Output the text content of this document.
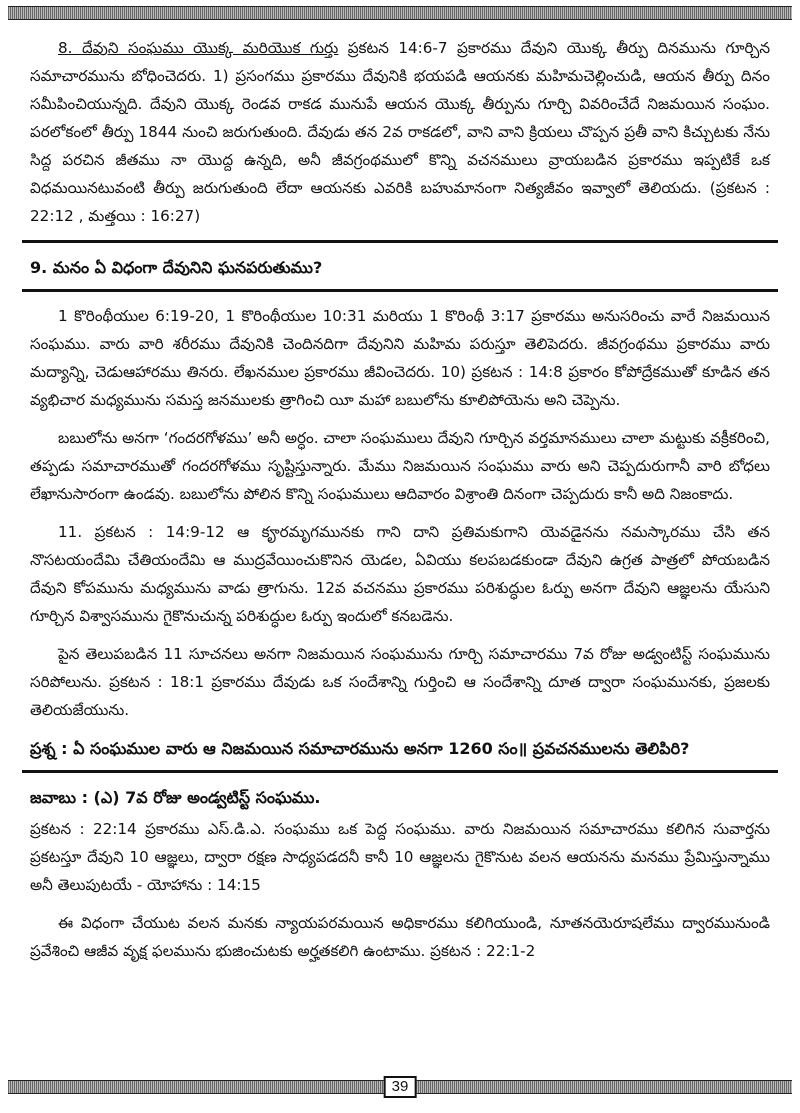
8. దేవుని సంఘము యొక్క మరియొక గుర్తు ప్రకటన 14:6-7 ప్రకారము దేవుని యొక్క తీర్పు దినమును గూర్చిన సమాచారమును బోధించెదరు. 1) ప్రసంగము ప్రకారము దేవునికి భయపడి ఆయనకు మహిమచెల్లించుడి, ఆయన తీర్పు దినం సమీపించియున్నది. దేవుని యొక్క రెండవ రాకడ మునుపే ఆయన యొక్క తీర్పును గూర్చి వివరించేదే నిజమయిన సంఘం. పరలోకంలో తీర్పు 1844 నుంచి జరుగుతుంది. దేవుడు తన 2వ రాకడలో, వాని వాని క్రియలు చొప్పన ప్రతీ వాని కిచ్చుటకు నేను సిద్ద పరచిన జీతము నా యొద్ద ఉన్నది, అనీ జీవగ్రంథములో కొన్ని వచనములు వ్రాయబడిన ప్రకారము ఇప్పటికే ఒక విధమయినటువంటి తీర్పు జరుగుతుంది లేదా ఆయనకు ఎవరికి బహుమానంగా నిత్యజీవం ఇవ్వాలో తెలియదు. (ప్రకటన : 22:12 , మత్తయి : 16:27)

9. మనం ఏ విధంగా దేవునిని ఘనపరుతుము?

1 కొరింథీయుల 6:19-20, 1 కొరింథీయుల 10:31 మరియు 1 కొరింథీ 3:17 ప్రకారము అనుసరించు వారే నిజమయిన సంఘము. వారు వారి శరీరము దేవునికి చెందినదిగా దేవునిని మహిమ పరుస్తూ తెలిపెదరు. జీవగ్రంథము ప్రకారము వారు మద్యాన్ని, చెడుఆహారము తినరు. లేఖనముల ప్రకారము జీవించెదరు. 10) ప్రకటన : 14:8 ప్రకారం కోపోద్రేకముతో కూడిన తన వ్యభిచార మధ్యమును సమస్త జనములకు త్రాగించి యీ మహా బబులోను కూలిపోయెను అని చెప్పెను.

బబులోను అనగా ‘గందరగోళము’ అనీ అర్ధం. చాలా సంఘములు దేవుని గూర్చిన వర్తమానములు చాలా మట్టుకు వక్రీకరించి, తప్పడు సమాచారముతో గందరగోళము సృష్టిస్తున్నారు. మేము నిజమయిన సంఘము వారు అని చెప్పదురుగానీ వారి బోధలు లేఖానుసారంగా ఉండవు. బబులోను పోలిన కొన్ని సంఘములు ఆదివారం విశ్రాంతి దినంగా చెప్పదురు కానీ అది నిజంకాదు.

11. ప్రకటన : 14:9-12 ఆ కౄరమృగమునకు గాని దాని ప్రతిమకుగాని యెవడైనను నమస్కారము చేసి తన నొసటయందేమి చేతియందేమి ఆ ముద్రవేయించుకొనిన యెడల, ఏవియు కలపబడకుండా దేవుని ఉగ్రత పాత్రలో పోయబడిన దేవుని కోపమును మధ్యమును వాడు త్రాగును. 12వ వచనము ప్రకారము పరిశుద్ధుల ఓర్పు అనగా దేవుని ఆజ్ఞలను యేసుని గూర్చిన విశ్వాసమును గైకొనుచున్న పరిశుద్ధుల ఓర్పు ఇందులో కనబడెను.

పైన తెలుపబడిన 11 సూచనలు అనగా నిజమయిన సంఘమును గూర్చి సమాచారము 7వ రోజు అడ్వంటిస్ట్ సంఘమును సరిపోలును. ప్రకటన : 18:1 ప్రకారము దేవుడు ఒక సందేశాన్ని గుర్తించి ఆ సందేశాన్ని దూత ద్వారా సంఘమునకు, ప్రజలకు తెలియజేయును.

ప్రశ్న : ఏ సంఘముల వారు ఆ నిజమయిన సమాచారమును అనగా 1260 సం॥ ప్రవచనములను తెలిపిరి?
జవాబు : (ఎ) 7వ రోజు అండ్వటిస్ట్ సంఘము.

ప్రకటన : 22:14 ప్రకారము ఎస్.డి.ఎ. సంఘము ఒక పెద్ద సంఘము. వారు నిజమయిన సమాచారము కలిగిన సువార్తను ప్రకటస్తూ దేవుని 10 ఆజ్ఞలు, ద్వారా రక్షణ సాధ్యపడదనీ కానీ 10 ఆజ్ఞలను గైకొనుట వలన ఆయనను మనము ప్రేమిస్తున్నాము అనీ తెలుపుటయే - యోహాను : 14:15

ఈ విధంగా చేయుట వలన మనకు న్యాయపరమయిన అధికారము కలిగియుండి, నూతనయెరూషలేము ద్వారమునుండి ప్రవేశించి ఆజీవ వృక్ష ఫలమును భుజించుటకు అర్హతకలిగి ఉంటాము. ప్రకటన : 22:1-2

39
